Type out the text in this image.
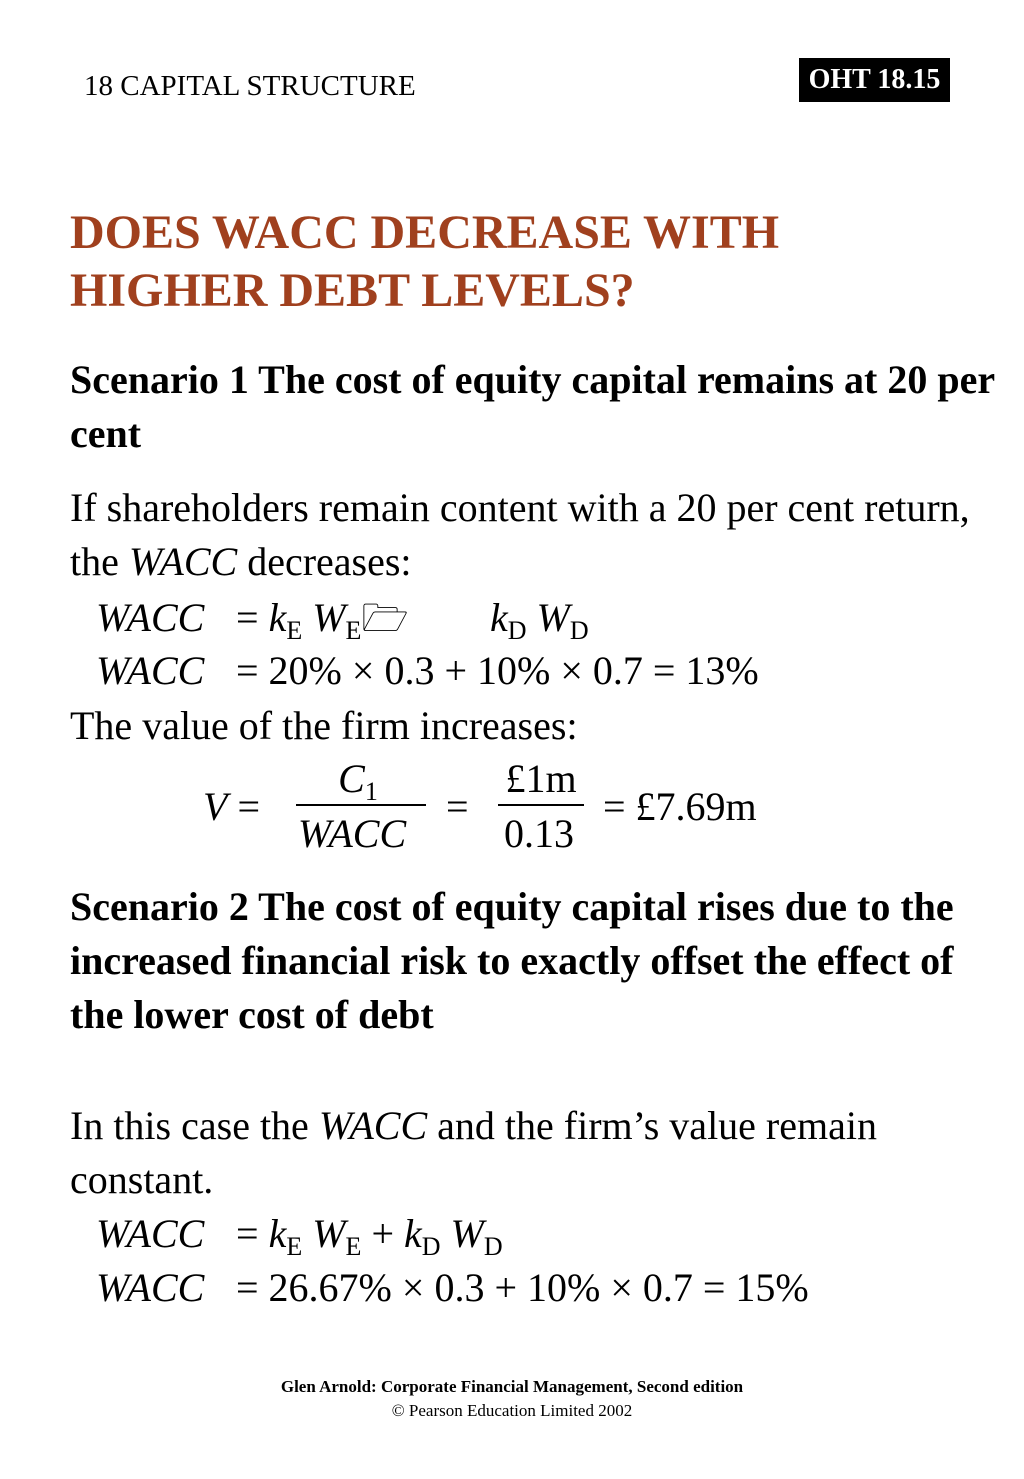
18 CAPITAL STRUCTURE	OHT 18.15
DOES WACC DECREASE WITH
HIGHER DEBT LEVELS?
Scenario 1 The cost of equity capital remains at 20 per cent
If shareholders remain content with a 20 per cent return, the WACC decreases:
WACC = $k_E$ $W_E🗁$ $k_D$ $W_D$
WACC = 20% × 0.3 + 10% × 0.7 = 13%
The value of the firm increases:
V =
$C_1$
WACC
=
£1m
0.13
= £7.69m
Scenario 2 The cost of equity capital rises due to the increased financial risk to exactly offset the effect of the lower cost of debt
In this case the WACC and the firm’s value remain constant.
WACC = $k_E$ $W_E + k_D$ $W_D$
WACC = 26.67% × 0.3 + 10% × 0.7 = 15%
Glen Arnold: Corporate Financial Management, Second edition
© Pearson Education Limited 2002
